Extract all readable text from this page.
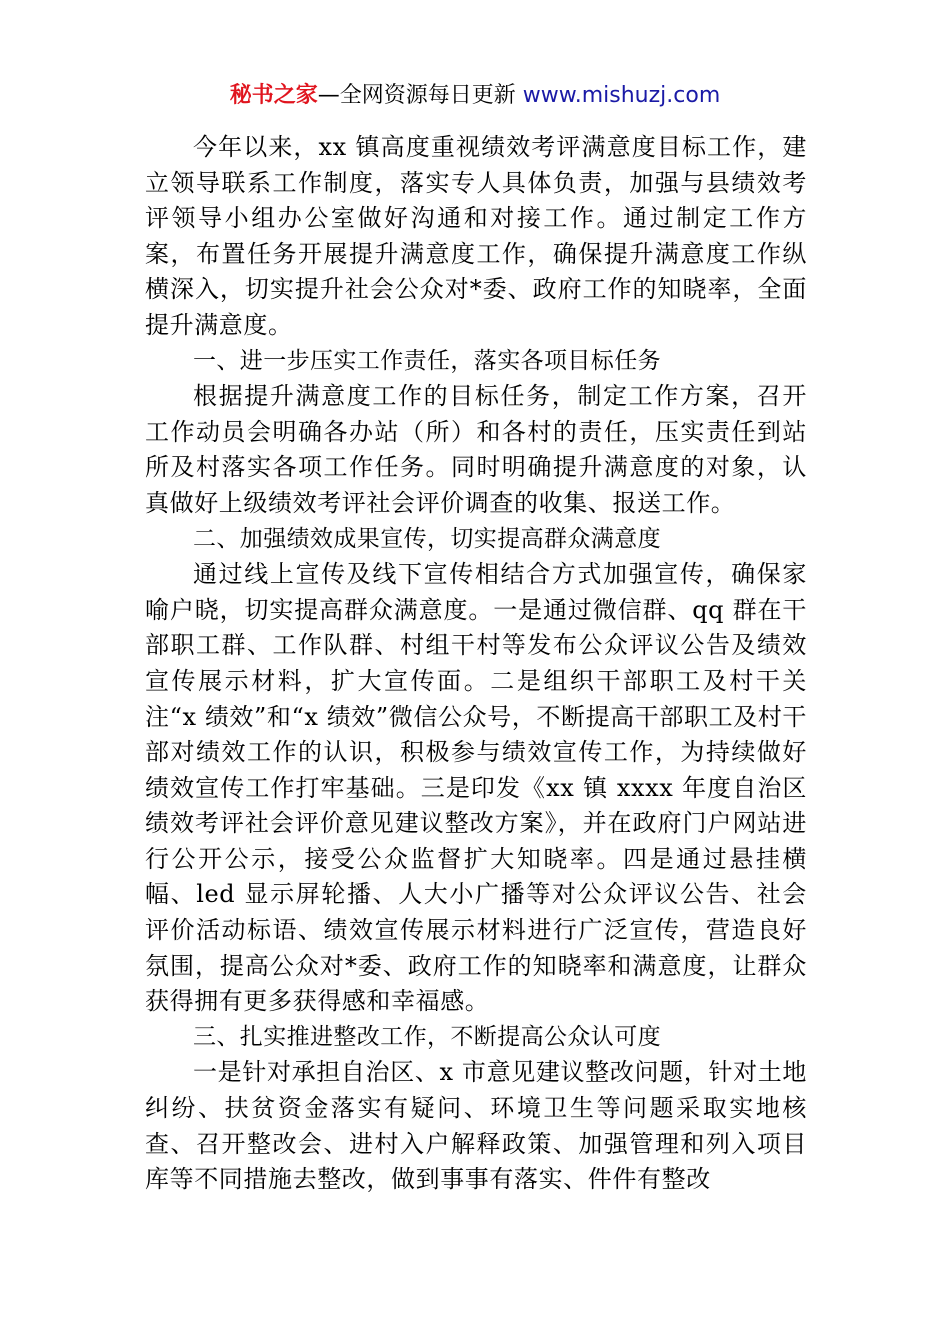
秘书之家—全网资源每日更新 www.mishuzj.com

今年以来，xx 镇高度重视绩效考评满意度目标工作，建立领导联系工作制度，落实专人具体负责，加强与县绩效考评领导小组办公室做好沟通和对接工作。通过制定工作方案，布置任务开展提升满意度工作，确保提升满意度工作纵横深入，切实提升社会公众对*委、政府工作的知晓率，全面提升满意度。

一、进一步压实工作责任，落实各项目标任务

根据提升满意度工作的目标任务，制定工作方案，召开工作动员会明确各办站（所）和各村的责任，压实责任到站所及村落实各项工作任务。同时明确提升满意度的对象，认真做好上级绩效考评社会评价调查的收集、报送工作。

二、加强绩效成果宣传，切实提高群众满意度

通过线上宣传及线下宣传相结合方式加强宣传，确保家喻户晓，切实提高群众满意度。一是通过微信群、qq 群在干部职工群、工作队群、村组干村等发布公众评议公告及绩效宣传展示材料，扩大宣传面。二是组织干部职工及村干关注“x 绩效”和“x 绩效”微信公众号，不断提高干部职工及村干部对绩效工作的认识，积极参与绩效宣传工作，为持续做好绩效宣传工作打牢基础。三是印发《xx 镇 xxxx 年度自治区绩效考评社会评价意见建议整改方案》，并在政府门户网站进行公开公示，接受公众监督扩大知晓率。四是通过悬挂横幅、led 显示屏轮播、人大小广播等对公众评议公告、社会评价活动标语、绩效宣传展示材料进行广泛宣传，营造良好氛围，提高公众对*委、政府工作的知晓率和满意度，让群众获得拥有更多获得感和幸福感。

三、扎实推进整改工作，不断提高公众认可度

一是针对承担自治区、x 市意见建议整改问题，针对土地纠纷、扶贫资金落实有疑问、环境卫生等问题采取实地核查、召开整改会、进村入户解释政策、加强管理和列入项目库等不同措施去整改，做到事事有落实、件件有整改
